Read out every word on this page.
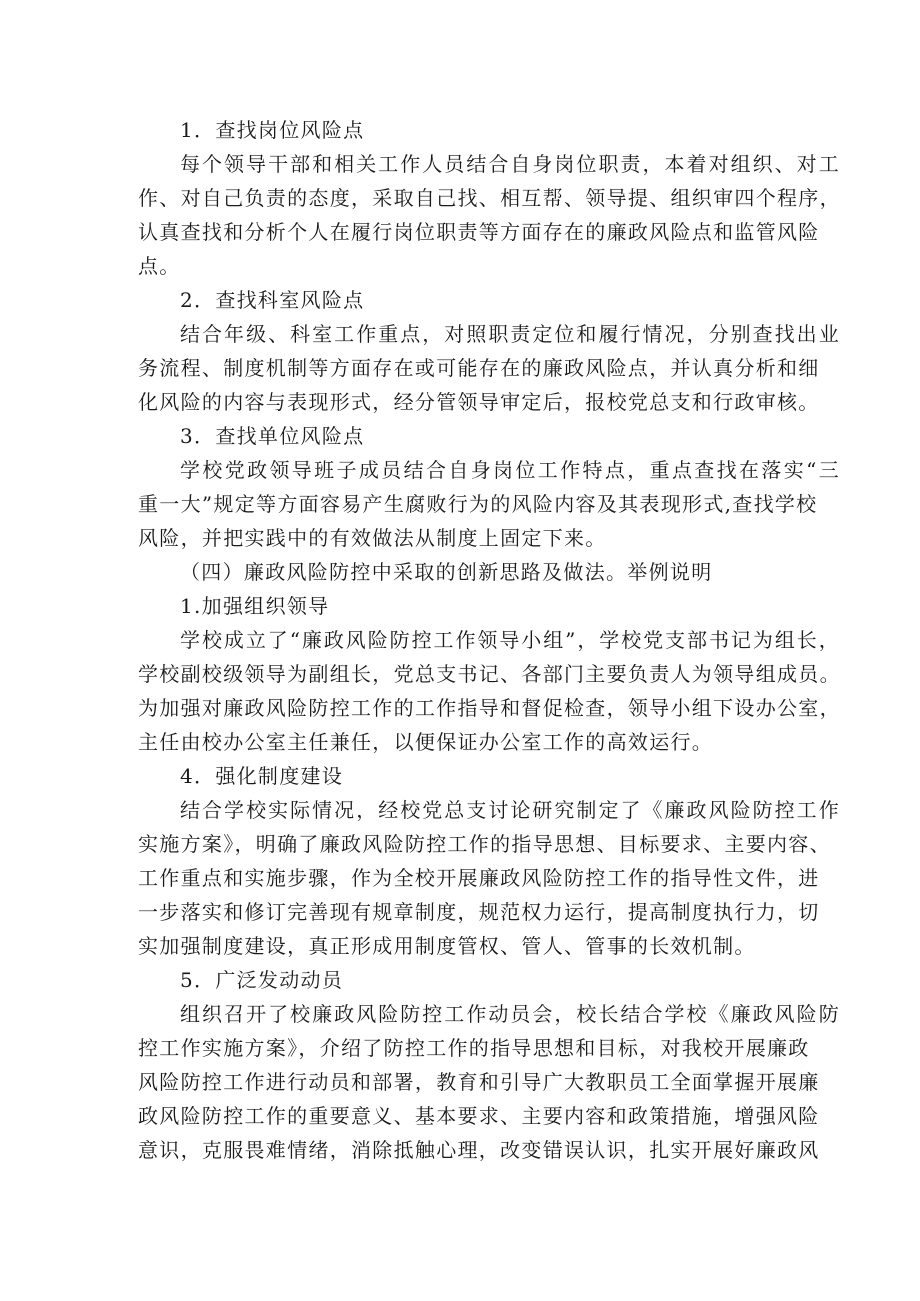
1．查找岗位风险点
每个领导干部和相关工作人员结合自身岗位职责，本着对组织、对工
作、对自己负责的态度，采取自己找、相互帮、领导提、组织审四个程序，
认真查找和分析个人在履行岗位职责等方面存在的廉政风险点和监管风险
点。
2．查找科室风险点
结合年级、科室工作重点，对照职责定位和履行情况，分别查找出业
务流程、制度机制等方面存在或可能存在的廉政风险点，并认真分析和细
化风险的内容与表现形式，经分管领导审定后，报校党总支和行政审核。
3．查找单位风险点
学校党政领导班子成员结合自身岗位工作特点，重点查找在落实“三
重一大”规定等方面容易产生腐败行为的风险内容及其表现形式,查找学校
风险，并把实践中的有效做法从制度上固定下来。
（四）廉政风险防控中采取的创新思路及做法。举例说明
1.加强组织领导
学校成立了“廉政风险防控工作领导小组”，学校党支部书记为组长，
学校副校级领导为副组长，党总支书记、各部门主要负责人为领导组成员。
为加强对廉政风险防控工作的工作指导和督促检查，领导小组下设办公室，
主任由校办公室主任兼任，以便保证办公室工作的高效运行。
4．强化制度建设
结合学校实际情况，经校党总支讨论研究制定了《廉政风险防控工作
实施方案》，明确了廉政风险防控工作的指导思想、目标要求、主要内容、
工作重点和实施步骤，作为全校开展廉政风险防控工作的指导性文件，进
一步落实和修订完善现有规章制度，规范权力运行，提高制度执行力，切
实加强制度建设，真正形成用制度管权、管人、管事的长效机制。
5．广泛发动动员
组织召开了校廉政风险防控工作动员会，校长结合学校《廉政风险防
控工作实施方案》，介绍了防控工作的指导思想和目标，对我校开展廉政
风险防控工作进行动员和部署，教育和引导广大教职员工全面掌握开展廉
政风险防控工作的重要意义、基本要求、主要内容和政策措施，增强风险
意识，克服畏难情绪，消除抵触心理，改变错误认识，扎实开展好廉政风
